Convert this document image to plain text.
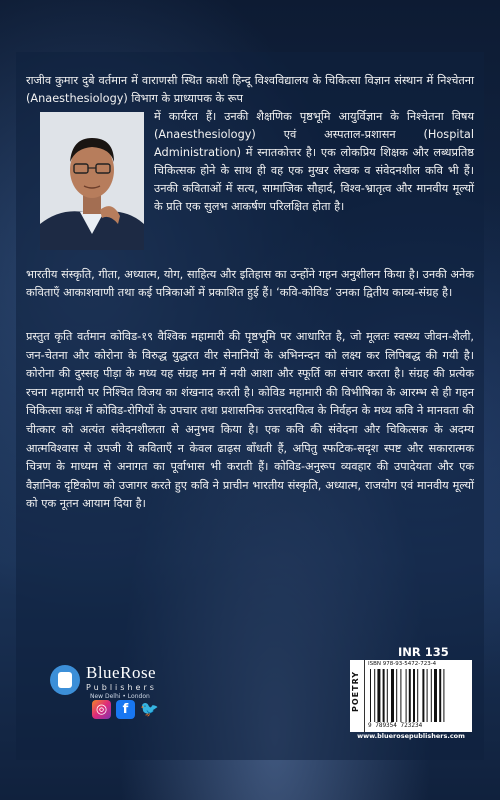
राजीव कुमार दुबे वर्तमान में वाराणसी स्थित काशी हिन्दू विश्वविद्यालय के चिकित्सा विज्ञान संस्थान में निश्चेतना (Anaesthesiology) विभाग के प्राध्यापक के रूप

में कार्यरत हैं। उनकी शैक्षणिक पृष्ठभूमि आयुर्विज्ञान के निश्चेतना विषय (Anaesthesiology) एवं अस्पताल-प्रशासन (Hospital Administration) में स्नातकोत्तर है। एक लोकप्रिय शिक्षक और लब्धप्रतिष्ठ चिकित्सक होने के साथ ही वह एक मुखर लेखक व संवेदनशील कवि भी हैं। उनकी कविताओं में सत्य, सामाजिक सौहार्द, विश्व-भ्रातृत्व और मानवीय मूल्यों के प्रति एक सुलभ आकर्षण परिलक्षित होता है।

भारतीय संस्कृति, गीता, अध्यात्म, योग, साहित्य और इतिहास का उन्होंने गहन अनुशीलन किया है। उनकी अनेक कविताएँ आकाशवाणी तथा कई पत्रिकाओं में प्रकाशित हुई हैं। ‘कवि-कोविड’ उनका द्वितीय काव्य-संग्रह है।

प्रस्तुत कृति वर्तमान कोविड-१९ वैश्विक महामारी की पृष्ठभूमि पर आधारित है, जो मूलतः स्वस्थ्य जीवन-शैली, जन-चेतना और कोरोना के विरुद्ध युद्धरत वीर सेनानियों के अभिनन्दन को लक्ष्य कर लिपिबद्ध की गयी है। कोरोना की दुस्सह पीड़ा के मध्य यह संग्रह मन में नयी आशा और स्फूर्ति का संचार करता है। संग्रह की प्रत्येक रचना महामारी पर निश्चित विजय का शंखनाद करती है। कोविड महामारी की विभीषिका के आरम्भ से ही गहन चिकित्सा कक्ष में कोविड-रोगियों के उपचार तथा प्रशासनिक उत्तरदायित्व के निर्वहन के मध्य कवि ने मानवता की चीत्कार को अत्यंत संवेदनशीलता से अनुभव किया है। एक कवि की संवेदना और चिकित्सक के अदम्य आत्मविश्वास से उपजी ये कविताएँ न केवल ढाढ़स बाँधती हैं, अपितु स्फटिक-सदृश स्पष्ट और सकारात्मक चित्रण के माध्यम से अनागत का पूर्वाभास भी कराती हैं। कोविड-अनुरूप व्यवहार की उपादेयता और एक वैज्ञानिक दृष्टिकोण को उजागर करते हुए कवि ने प्राचीन भारतीय संस्कृति, अध्यात्म, राजयोग एवं मानवीय मूल्यों को एक नूतन आयाम दिया है।

BlueRose
Publishers
New Delhi • London
◎	f 🐦
INR 135
POETRY
ISBN 978-93-5472-723-4
9 789354 723234
www.bluerosepublishers.com
